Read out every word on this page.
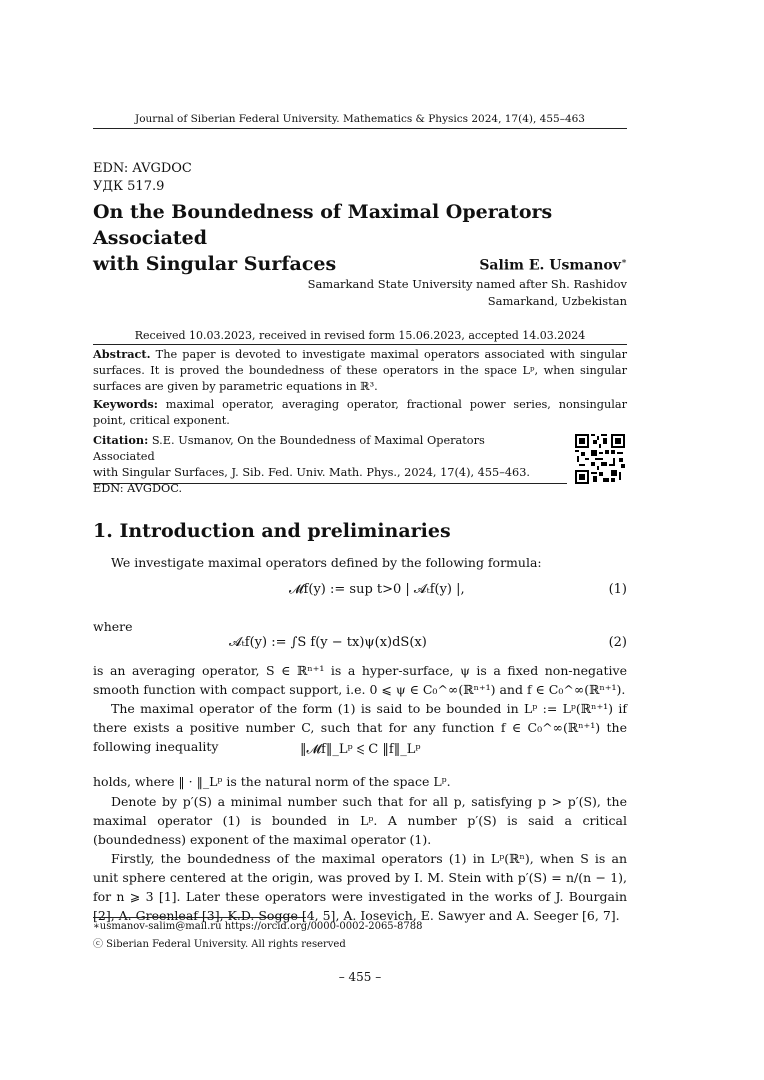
Journal of Siberian Federal University. Mathematics & Physics 2024, 17(4), 455–463
EDN: AVGDOC
УДК 517.9
On the Boundedness of Maximal Operators Associated
with Singular Surfaces	Salim E. Usmanov∗
Samarkand State University named after Sh. Rashidov
Samarkand, Uzbekistan
Received 10.03.2023, received in revised form 15.06.2023, accepted 14.03.2024
Abstract. The paper is devoted to investigate maximal operators associated with singular surfaces. It is proved the boundedness of these operators in the space Lᵖ, when singular surfaces are given by parametric equations in ℝ³.
Keywords: maximal operator, averaging operator, fractional power series, nonsingular point, critical exponent.
Citation: S.E. Usmanov, On the Boundedness of Maximal Operators Associated
with Singular Surfaces, J. Sib. Fed. Univ. Math. Phys., 2024, 17(4), 455–463.
EDN: AVGDOC.
1. Introduction and preliminaries
We investigate maximal operators defined by the following formula:
𝓜f(y) := sup t>0 | 𝓐ₜf(y) |,	(1)
where
𝓐ₜf(y) := ∫S f(y − tx)ψ(x)dS(x)	(2)
is an averaging operator, S ∈ ℝⁿ⁺¹ is a hyper-surface, ψ is a fixed non-negative smooth function with compact support, i.e. 0 ⩽ ψ ∈ C₀^∞(ℝⁿ⁺¹) and f ∈ C₀^∞(ℝⁿ⁺¹).
The maximal operator of the form (1) is said to be bounded in Lᵖ := Lᵖ(ℝⁿ⁺¹) if there exists a positive number C, such that for any function f ∈ C₀^∞(ℝⁿ⁺¹) the following inequality	‖𝓜f‖_Lᵖ ⩽ C ‖f‖_Lᵖ
holds, where ‖ · ‖_Lᵖ is the natural norm of the space Lᵖ.
Denote by p′(S) a minimal number such that for all p, satisfying p > p′(S), the maximal operator (1) is bounded in Lᵖ. A number p′(S) is said a critical (boundedness) exponent of the maximal operator (1).
Firstly, the boundedness of the maximal operators (1) in Lᵖ(ℝⁿ), when S is an unit sphere centered at the origin, was proved by I. M. Stein with p′(S) = n/(n − 1), for n ⩾ 3 [1]. Later these operators were investigated in the works of J. Bourgain [2], A. Greenleaf [3], K.D. Sogge [4, 5], A. Iosevich, E. Sawyer and A. Seeger [6, 7].
∗usmanov-salim@mail.ru https://orcid.org/0000-0002-2065-8788
ⓒ Siberian Federal University. All rights reserved
– 455 –
